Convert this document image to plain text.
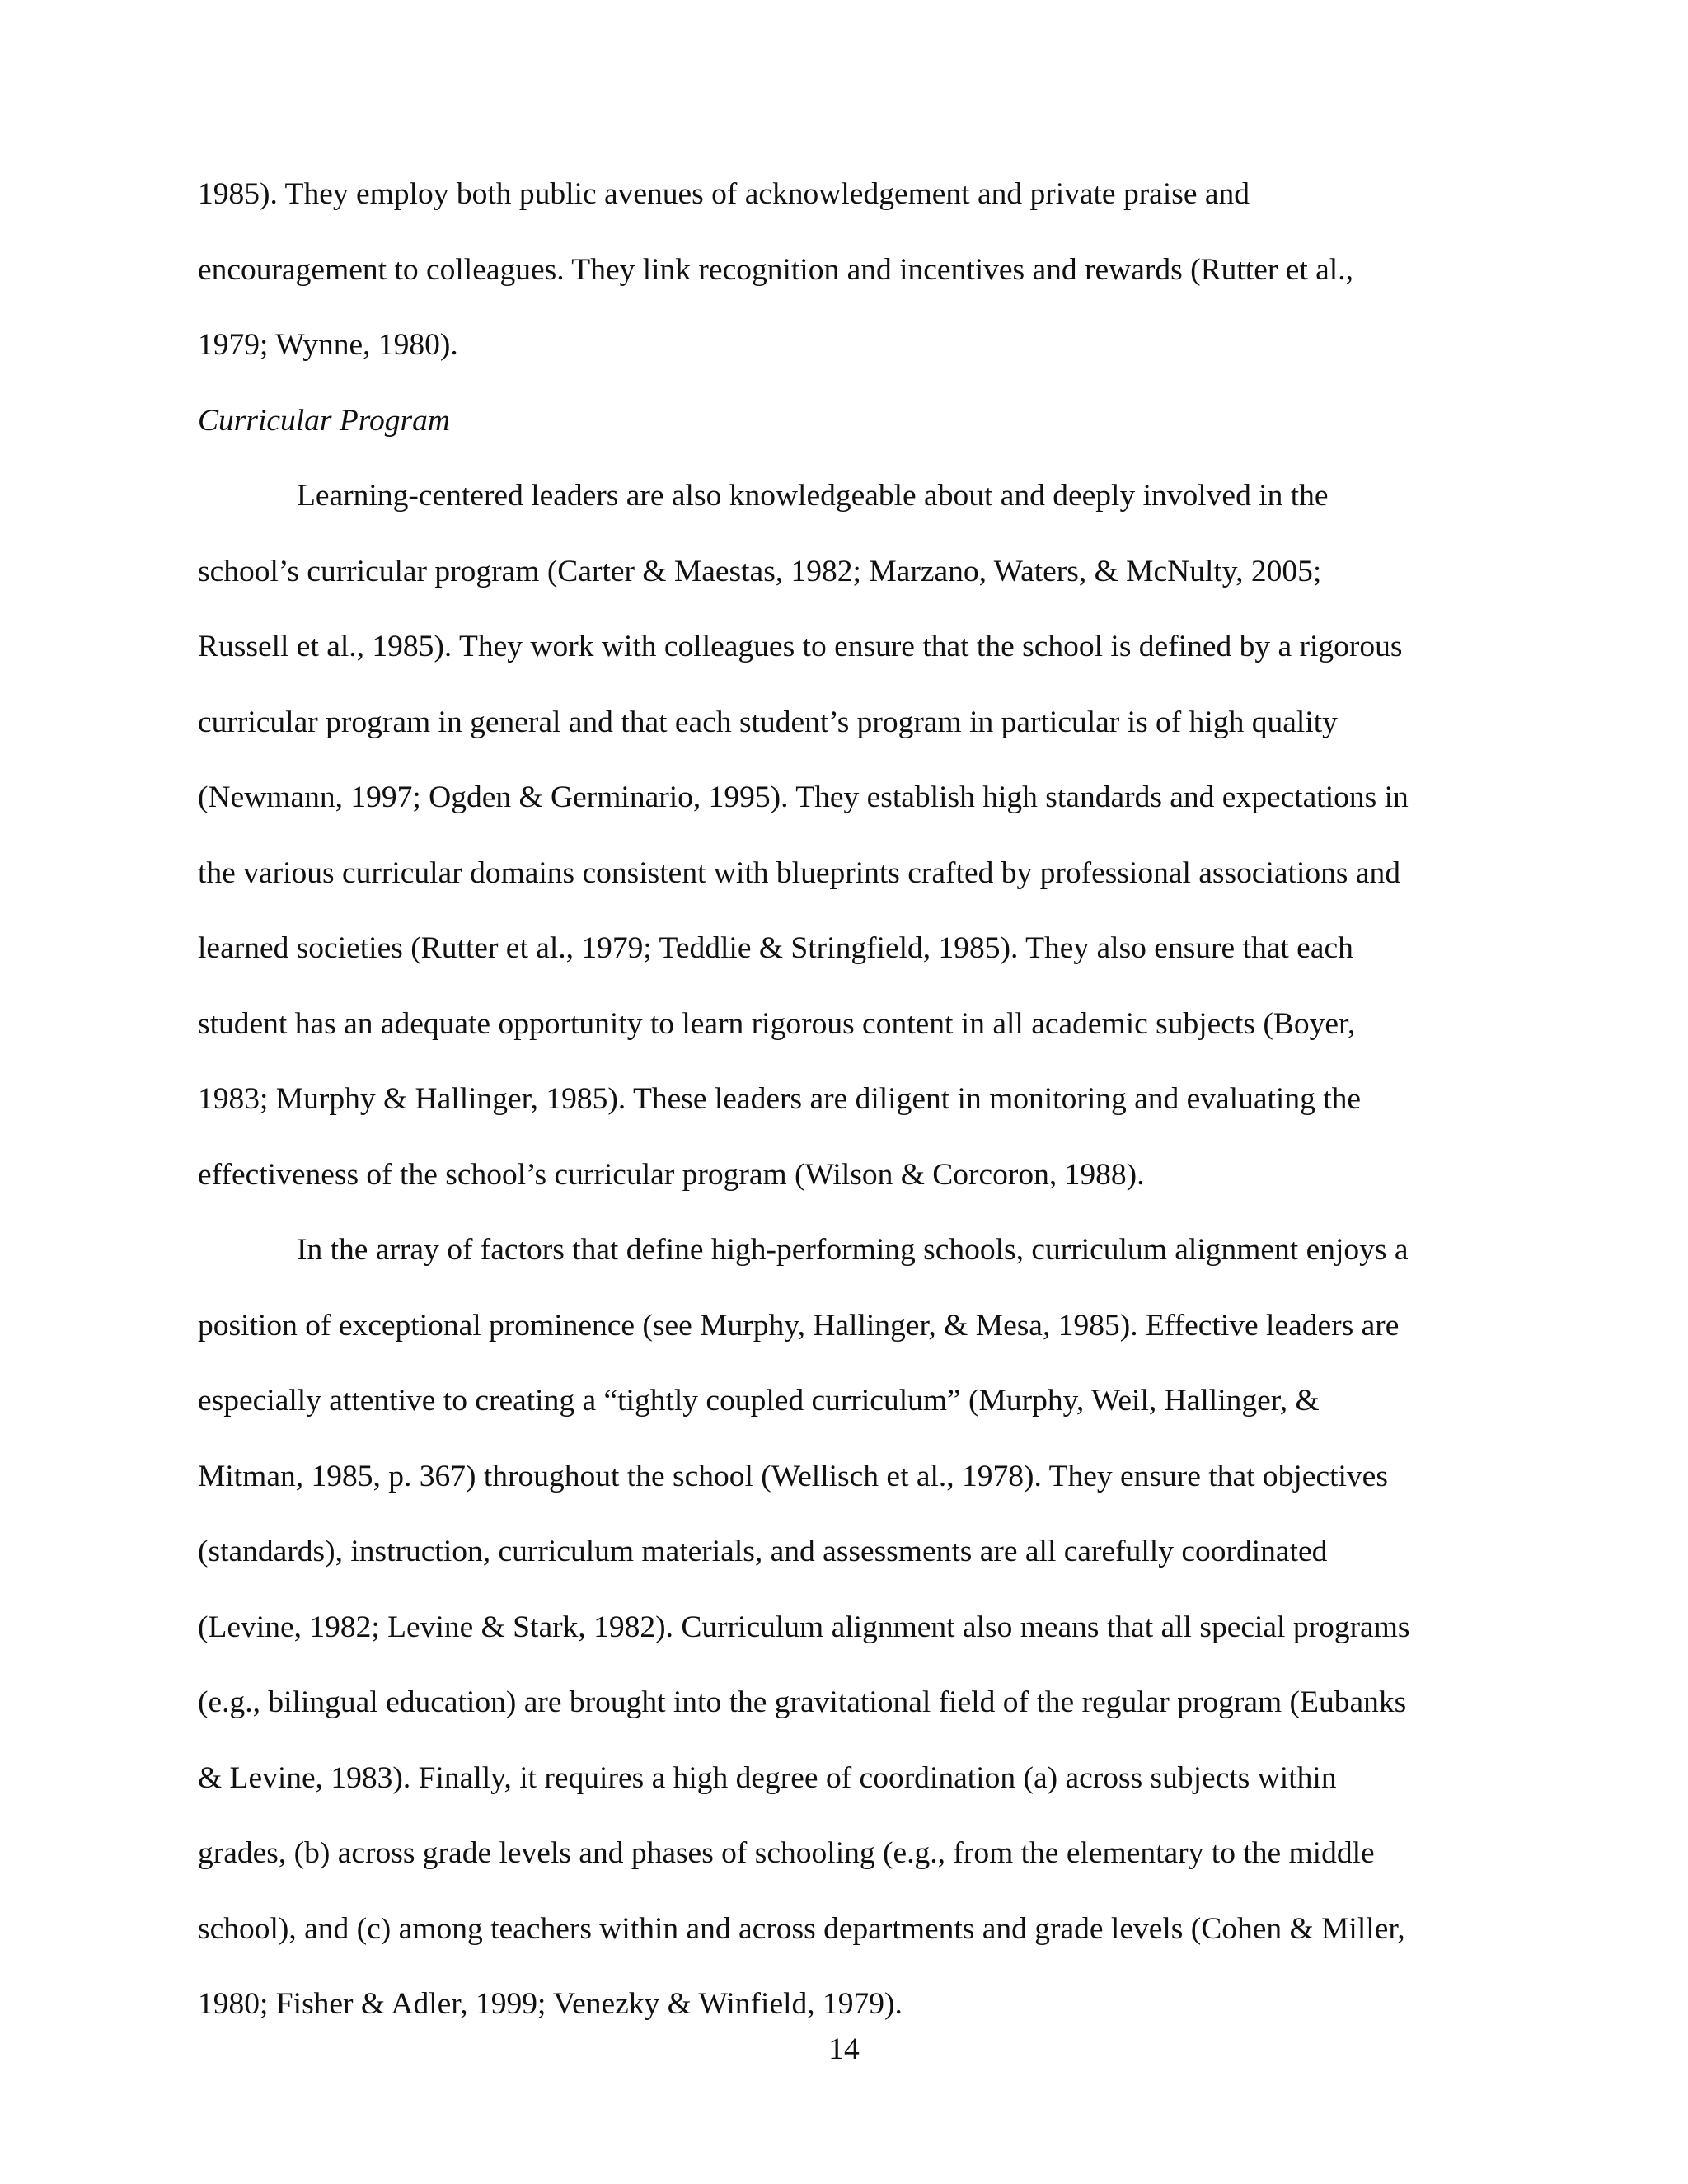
1985). They employ both public avenues of acknowledgement and private praise and
encouragement to colleagues. They link recognition and incentives and rewards (Rutter et al.,
1979; Wynne, 1980).
Curricular Program
Learning-centered leaders are also knowledgeable about and deeply involved in the
school’s curricular program (Carter & Maestas, 1982; Marzano, Waters, & McNulty, 2005;
Russell et al., 1985). They work with colleagues to ensure that the school is defined by a rigorous
curricular program in general and that each student’s program in particular is of high quality
(Newmann, 1997; Ogden & Germinario, 1995). They establish high standards and expectations in
the various curricular domains consistent with blueprints crafted by professional associations and
learned societies (Rutter et al., 1979; Teddlie & Stringfield, 1985). They also ensure that each
student has an adequate opportunity to learn rigorous content in all academic subjects (Boyer,
1983; Murphy & Hallinger, 1985). These leaders are diligent in monitoring and evaluating the
effectiveness of the school’s curricular program (Wilson & Corcoron, 1988).
In the array of factors that define high-performing schools, curriculum alignment enjoys a
position of exceptional prominence (see Murphy, Hallinger, & Mesa, 1985). Effective leaders are
especially attentive to creating a “tightly coupled curriculum” (Murphy, Weil, Hallinger, &
Mitman, 1985, p. 367) throughout the school (Wellisch et al., 1978). They ensure that objectives
(standards), instruction, curriculum materials, and assessments are all carefully coordinated
(Levine, 1982; Levine & Stark, 1982). Curriculum alignment also means that all special programs
(e.g., bilingual education) are brought into the gravitational field of the regular program (Eubanks
& Levine, 1983). Finally, it requires a high degree of coordination (a) across subjects within
grades, (b) across grade levels and phases of schooling (e.g., from the elementary to the middle
school), and (c) among teachers within and across departments and grade levels (Cohen & Miller,
1980; Fisher & Adler, 1999; Venezky & Winfield, 1979).
14
